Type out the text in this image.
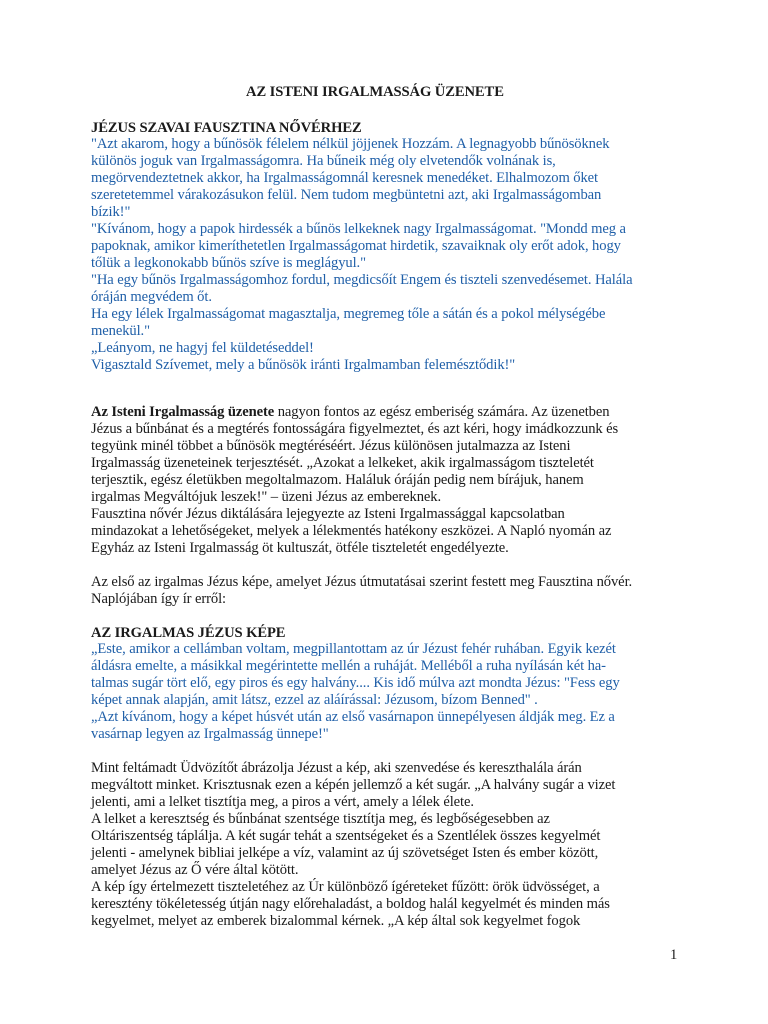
AZ ISTENI IRGALMASSÁG ÜZENETE
JÉZUS SZAVAI FAUSZTINA NŐVÉRHEZ
"Azt akarom, hogy a bűnösök félelem nélkül jöjjenek Hozzám. A legnagyobb bűnösöknek
különös joguk van Irgalmasságomra. Ha bűneik még oly elvetendők volnának is,
megörvendeztetnek akkor, ha Irgalmasságomnál keresnek menedéket. Elhalmozom őket
szeretetemmel várakozásukon felül. Nem tudom megbüntetni azt, aki Irgalmasságomban
bízik!"
"Kívánom, hogy a papok hirdessék a bűnös lelkeknek nagy Irgalmasságomat. "Mondd meg a
papoknak, amikor kimeríthetetlen Irgalmasságomat hirdetik, szavaiknak oly erőt adok, hogy
tőlük a legkonokabb bűnös szíve is meglágyul."
"Ha egy bűnös Irgalmasságomhoz fordul, megdicsőít Engem és tiszteli szenvedésemet. Halála
óráján megvédem őt.
Ha egy lélek Irgalmasságomat magasztalja, megremeg tőle a sátán és a pokol mélységébe
menekül."
„Leányom, ne hagyj fel küldetéseddel!
Vigasztald Szívemet, mely a bűnösök iránti Irgalmamban felemésztődik!"
Az Isteni Irgalmasság üzenete nagyon fontos az egész emberiség számára. Az üzenetben
Jézus a bűnbánat és a megtérés fontosságára figyelmeztet, és azt kéri, hogy imádkozzunk és
tegyünk minél többet a bűnösök megtéréséért. Jézus különösen jutalmazza az Isteni
Irgalmasság üzeneteinek terjesztését. „Azokat a lelkeket, akik irgalmasságom tiszteletét
terjesztik, egész életükben megoltalmazom. Haláluk óráján pedig nem bírájuk, hanem
irgalmas Megváltójuk leszek!" – üzeni Jézus az embereknek.
Fausztina nővér Jézus diktálására lejegyezte az Isteni Irgalmassággal kapcsolatban
mindazokat a lehetőségeket, melyek a lélekmentés hatékony eszközei. A Napló nyomán az
Egyház az Isteni Irgalmasság öt kultuszát, ötféle tiszteletét engedélyezte.
Az első az irgalmas Jézus képe, amelyet Jézus útmutatásai szerint festett meg Fausztina nővér.
Naplójában így ír erről:
AZ IRGALMAS JÉZUS KÉPE
„Este, amikor a cellámban voltam, megpillantottam az úr Jézust fehér ruhában. Egyik kezét
áldásra emelte, a másikkal megérintette mellén a ruháját. Melléből a ruha nyílásán két ha-
talmas sugár tört elő, egy piros és egy halvány.... Kis idő múlva azt mondta Jézus: "Fess egy
képet annak alapján, amit látsz, ezzel az aláírással: Jézusom, bízom Benned" .
„Azt kívánom, hogy a képet húsvét után az első vasárnapon ünnepélyesen áldják meg. Ez a
vasárnap legyen az Irgalmasság ünnepe!"
Mint feltámadt Üdvözítőt ábrázolja Jézust a kép, aki szenvedése és kereszthalála árán
megváltott minket. Krisztusnak ezen a képén jellemző a két sugár. „A halvány sugár a vizet
jelenti, ami a lelket tisztítja meg, a piros a vért, amely a lélek élete.
A lelket a keresztség és bűnbánat szentsége tisztítja meg, és legbőségesebben az
Oltáriszentség táplálja. A két sugár tehát a szentségeket és a Szentlélek összes kegyelmét
jelenti - amelynek bibliai jelképe a víz, valamint az új szövetséget Isten és ember között,
amelyet Jézus az Ő vére által kötött.
A kép így értelmezett tiszteletéhez az Úr különböző ígéreteket fűzött: örök üdvösséget, a
keresztény tökéletesség útján nagy előrehaladást, a boldog halál kegyelmét és minden más
kegyelmet, melyet az emberek bizalommal kérnek. „A kép által sok kegyelmet fogok
1
